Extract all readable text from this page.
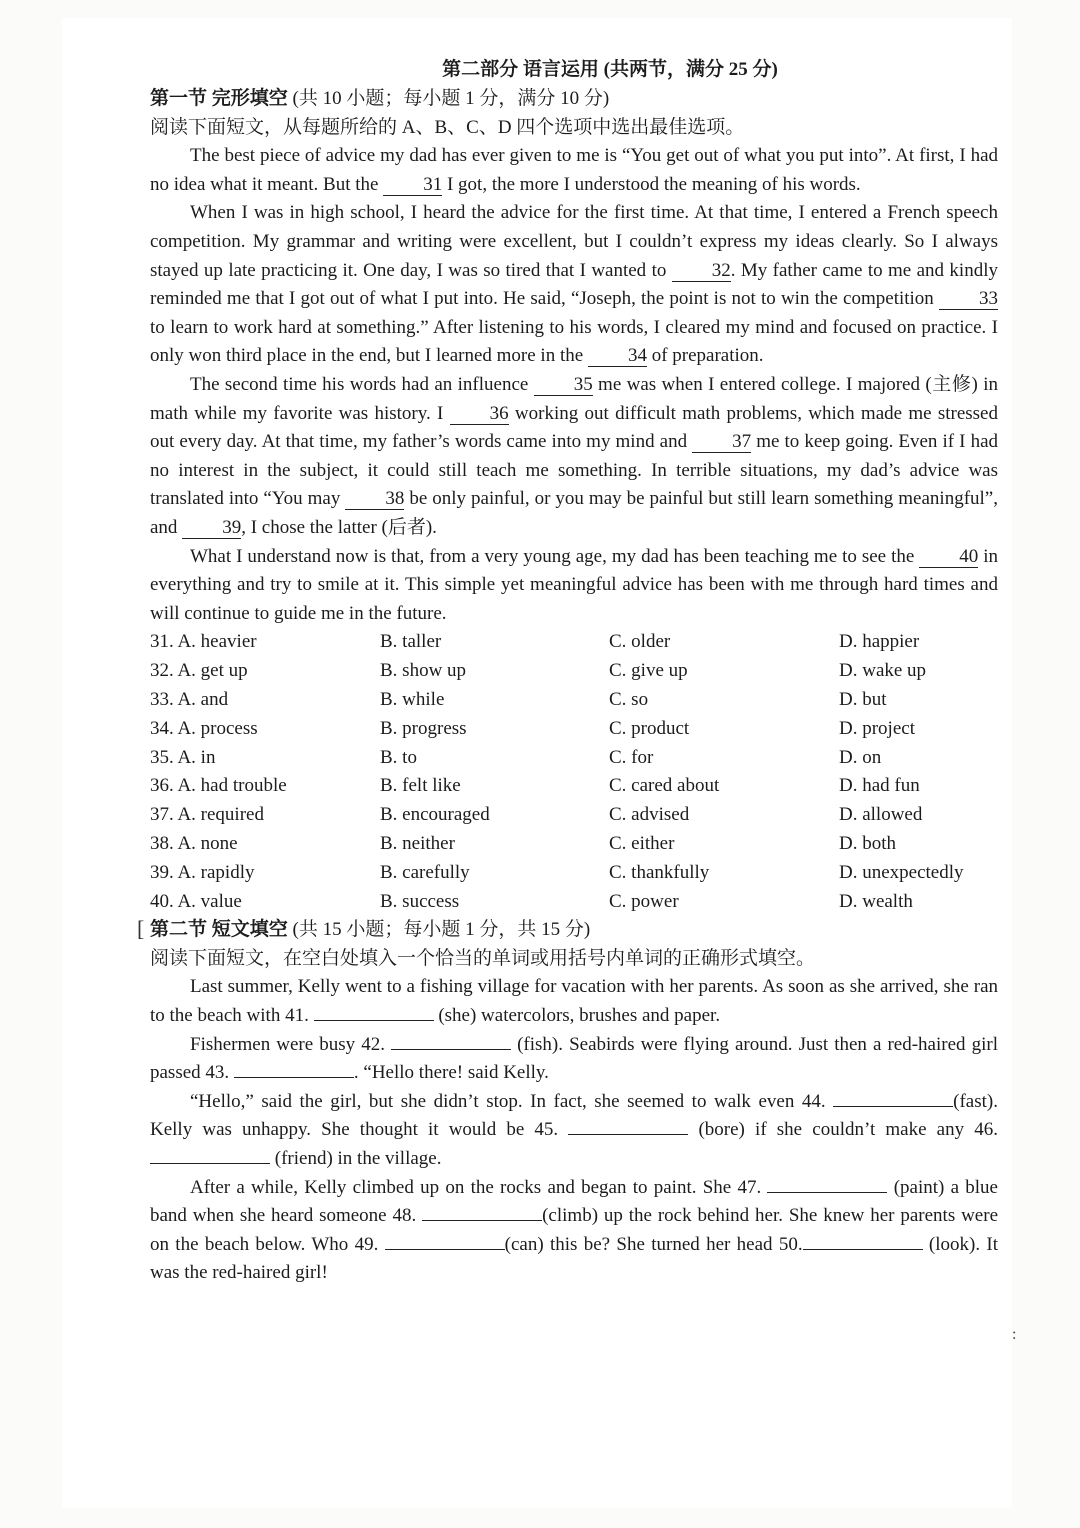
第二部分 语言运用 (共两节，满分 25 分)

第一节 完形填空 (共 10 小题；每小题 1 分，满分 10 分)

阅读下面短文，从每题所给的 A、B、C、D 四个选项中选出最佳选项。

The best piece of advice my dad has ever given to me is “You get out of what you put into”. At first, I had no idea what it meant. But the 31 I got, the more I understood the meaning of his words.

When I was in high school, I heard the advice for the first time. At that time, I entered a French speech competition. My grammar and writing were excellent, but I couldn’t express my ideas clearly. So I always stayed up late practicing it. One day, I was so tired that I wanted to 32. My father came to me and kindly reminded me that I got out of what I put into. He said, “Joseph, the point is not to win the competition 33 to learn to work hard at something.” After listening to his words, I cleared my mind and focused on practice. I only won third place in the end, but I learned more in the 34 of preparation.

The second time his words had an influence 35 me was when I entered college. I majored (主修) in math while my favorite was history. I 36 working out difficult math problems, which made me stressed out every day. At that time, my father’s words came into my mind and 37 me to keep going. Even if I had no interest in the subject, it could still teach me something. In terrible situations, my dad’s advice was translated into “You may 38 be only painful, or you may be painful but still learn something meaningful”, and 39, I chose the latter (后者).

What I understand now is that, from a very young age, my dad has been teaching me to see the 40 in everything and try to smile at it. This simple yet meaningful advice has been with me through hard times and will continue to guide me in the future.

31. A. heavier	B. taller	C. older	D. happier
32. A. get up	B. show up	C. give up	D. wake up
33. A. and	B. while	C. so	D. but
34. A. process	B. progress	C. product	D. project
35. A. in	B. to	C. for	D. on
36. A. had trouble	B. felt like	C. cared about	D. had fun
37. A. required	B. encouraged	C. advised	D. allowed
38. A. none	B. neither	C. either	D. both
39. A. rapidly	B. carefully	C. thankfully	D. unexpectedly
40. A. value	B. success	C. power	D. wealth

第二节 短文填空 (共 15 小题；每小题 1 分，共 15 分)

阅读下面短文，在空白处填入一个恰当的单词或用括号内单词的正确形式填空。

Last summer, Kelly went to a fishing village for vacation with her parents. As soon as she arrived, she ran to the beach with 41.	(she) watercolors, brushes and paper.

Fishermen were busy 42.	(fish). Seabirds were flying around. Just then a red-haired girl passed 43.	. “Hello there! said Kelly.

“Hello,” said the girl, but she didn’t stop. In fact, she seemed to walk even 44.	(fast). Kelly was unhappy. She thought it would be 45.	(bore) if she couldn’t make any 46. (friend) in the village.

After a while, Kelly climbed up on the rocks and began to paint. She 47.	(paint) a blue band when she heard someone 48.	(climb) up the rock behind her. She knew her parents were on the beach below. Who 49.	(can) this be? She turned her head 50.	(look). It was the red-haired girl!

[
:
